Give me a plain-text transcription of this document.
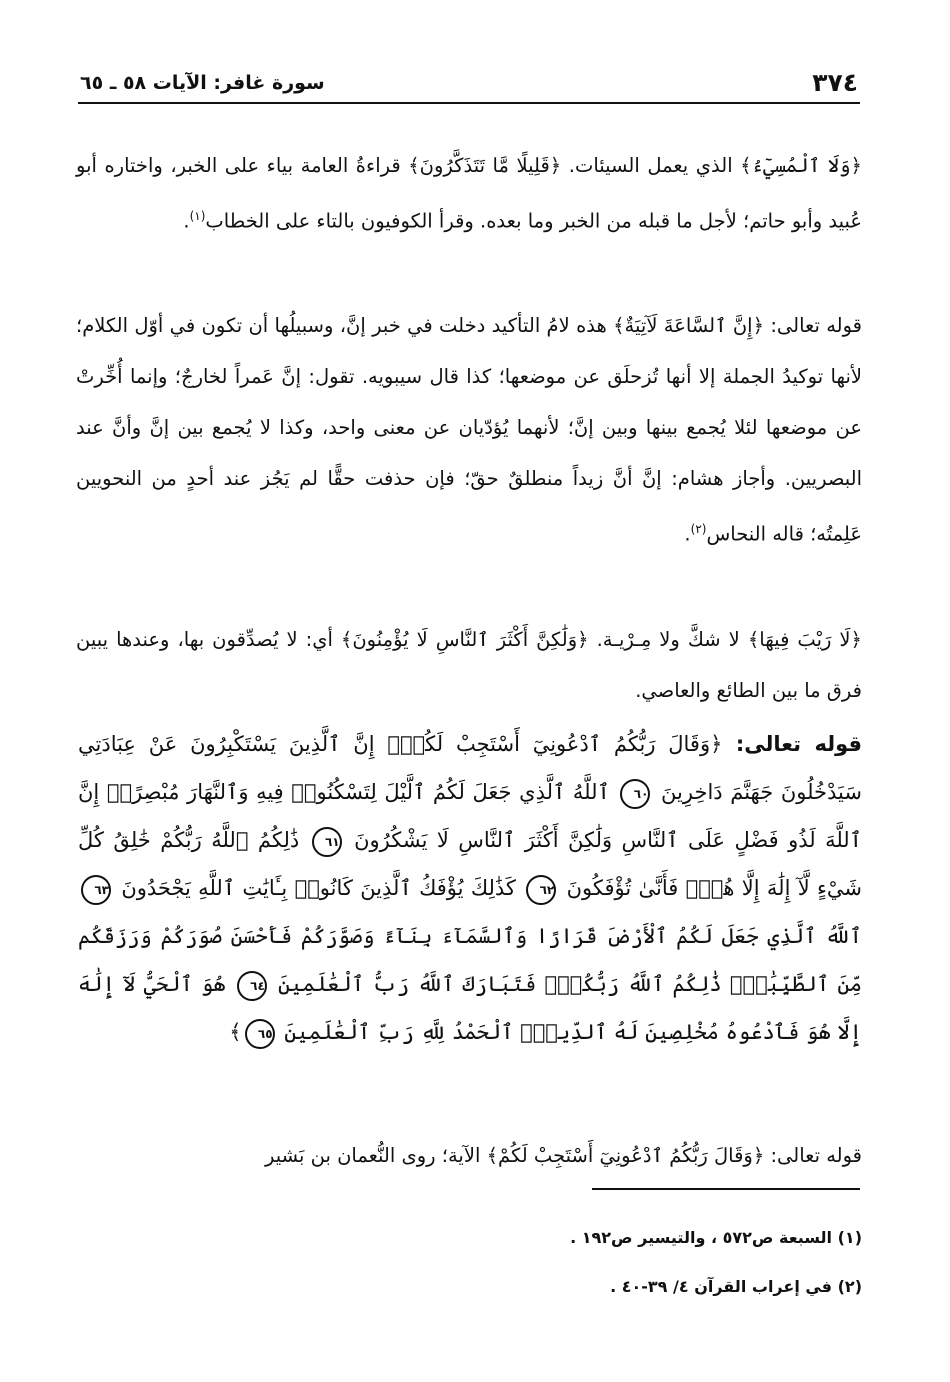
٣٧٤
سورة غافر: الآيات ٥٨ ـ ٦٥

﴿وَلَا ٱلْمُسِيٓءُ﴾ الذي يعمل السيئات. ﴿قَلِيلًا مَّا تَتَذَكَّرُونَ﴾ قراءةُ العامة بياء على الخبر، واختاره أبو عُبيد وأبو حاتم؛ لأجل ما قبله من الخبر وما بعده. وقرأ الكوفيون بالتاء على الخطاب$^{(١)}$.

قوله تعالى: ﴿إِنَّ ٱلسَّاعَةَ لَآتِيَةٌ﴾ هذه لامُ التأكيد دخلت في خبر إنَّ، وسبيلُها أن تكون في أوّل الكلام؛ لأنها توكيدُ الجملة إلا أنها تُزحلَق عن موضعها؛ كذا قال سيبويه. تقول: إنَّ عَمراً لخارجٌ؛ وإنما أُخِّرتْ عن موضعها لئلا يُجمع بينها وبين إنَّ؛ لأنهما يُؤدّيان عن معنى واحد، وكذا لا يُجمع بين إنَّ وأنَّ عند البصريين. وأجاز هشام: إنَّ أنَّ زيداً منطلقٌ حقّ؛ فإن حذفت حقًّا لم يَجُز عند أحدٍ من النحويين عَلِمتُه؛ قاله النحاس$^{(٢)}$.

﴿لَا رَيْبَ فِيهَا﴾ لا شكَّ ولا مِـرْيـة. ﴿وَلَٰكِنَّ أَكْثَرَ ٱلنَّاسِ لَا يُؤْمِنُونَ﴾ أي: لا يُصدِّقون بها، وعندها يبين فرق ما بين الطائع والعاصي.

قوله تعالى: ﴿وَقَالَ رَبُّكُمُ ٱدْعُونِيٓ أَسْتَجِبْ لَكُمْۚ إِنَّ ٱلَّذِينَ يَسْتَكْبِرُونَ عَنْ عِبَادَتِي سَيَدْخُلُونَ جَهَنَّمَ دَاخِرِينَ ٦٠ ٱللَّهُ ٱلَّذِي جَعَلَ لَكُمُ ٱلَّيْلَ لِتَسْكُنُوا۟ فِيهِ وَٱلنَّهَارَ مُبْصِرًاۚ إِنَّ ٱللَّهَ لَذُو فَضْلٍ عَلَى ٱلنَّاسِ وَلَٰكِنَّ أَكْثَرَ ٱلنَّاسِ لَا يَشْكُرُونَ ٦١ ذَٰلِكُمُ ٱللَّهُ رَبُّكُمْ خَٰلِقُ كُلِّ شَيْءٍ لَّآ إِلَٰهَ إِلَّا هُوَۖ فَأَنَّىٰ تُؤْفَكُونَ ٦٢ كَذَٰلِكَ يُؤْفَكُ ٱلَّذِينَ كَانُوا۟ بِـَٔايَٰتِ ٱللَّهِ يَجْحَدُونَ ٦٣ ٱللَّهُ ٱلَّذِي جَعَلَ لَكُمُ ٱلْأَرْضَ قَرَارًا وَٱلسَّمَآءَ بِنَآءً وَصَوَّرَكُمْ فَأَحْسَنَ صُوَرَكُمْ وَرَزَقَكُم مِّنَ ٱلطَّيِّبَٰتِۚ ذَٰلِكُمُ ٱللَّهُ رَبُّكُمْۖ فَتَبَارَكَ ٱللَّهُ رَبُّ ٱلْعَٰلَمِينَ ٦٤ هُوَ ٱلْحَيُّ لَآ إِلَٰهَ إِلَّا هُوَ فَٱدْعُوهُ مُخْلِصِينَ لَهُ ٱلدِّينَۗ ٱلْحَمْدُ لِلَّهِ رَبِّ ٱلْعَٰلَمِينَ ٦٥﴾

قوله تعالى: ﴿وَقَالَ رَبُّكُمُ ٱدْعُونِيٓ أَسْتَجِبْ لَكُمْ﴾ الآية؛ روى النُّعمان بن بَشير

(١) السبعة ص٥٧٢ ، والتيسير ص١٩٢ .

(٢) في إعراب القرآن ٤/ ٣٩-٤٠ .
